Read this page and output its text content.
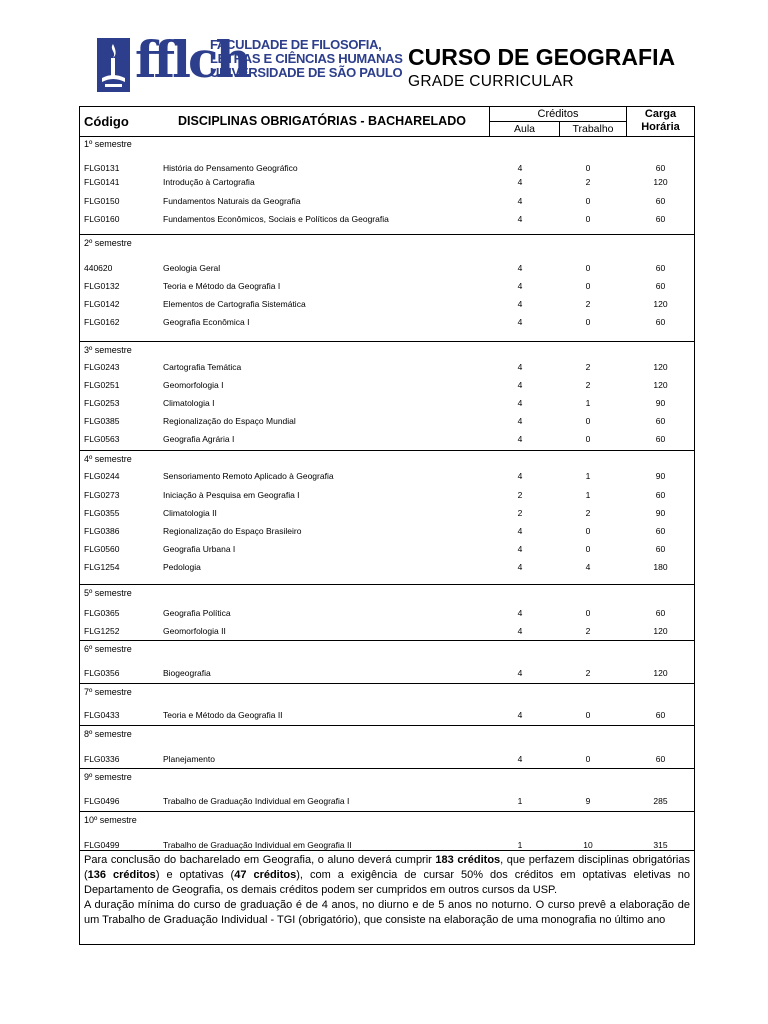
fflch
FACULDADE DE FILOSOFIA,
LETRAS E CIÊNCIAS HUMANAS
UNIVERSIDADE DE SÃO PAULO
CURSO DE GEOGRAFIA
GRADE CURRICULAR
Código	DISCIPLINAS OBRIGATÓRIAS - BACHARELADO	Créditos
Aula	Trabalho
Carga
Horária
1º semestre
FLG0131	História do Pensamento Geográfico	4	0	60
FLG0141	Introdução à Cartografia	4	2	120
FLG0150	Fundamentos Naturais da Geografia	4	0	60
FLG0160	Fundamentos Econômicos, Sociais e Políticos da Geografia	4	0	60
2º semestre
440620	Geologia Geral	4	0	60
FLG0132	Teoria e Método da Geografia I	4	0	60
FLG0142	Elementos de Cartografia Sistemática	4	2	120
FLG0162	Geografia Econômica I	4	0	60
3º semestre
FLG0243	Cartografia Temática	4	2	120
FLG0251	Geomorfologia I	4	2	120
FLG0253	Climatologia I	4	1	90
FLG0385	Regionalização do Espaço Mundial	4	0	60
FLG0563	Geografia Agrária I	4	0	60
4º semestre
FLG0244	Sensoriamento Remoto Aplicado à Geografia	4	1	90
FLG0273	Iniciação à Pesquisa em Geografia I	2	1	60
FLG0355	Climatologia II	2	2	90
FLG0386	Regionalização do Espaço Brasileiro	4	0	60
FLG0560	Geografia Urbana I	4	0	60
FLG1254	Pedologia	4	4	180
5º semestre
FLG0365	Geografia Política	4	0	60
FLG1252	Geomorfologia II	4	2	120
6º semestre
FLG0356	Biogeografia	4	2	120
7º semestre
FLG0433	Teoria e Método da Geografia II	4	0	60
8º semestre
FLG0336	Planejamento	4	0	60
9º semestre
FLG0496	Trabalho de Graduação Individual em Geografia I	1	9	285
10º semestre
FLG0499	Trabalho de Graduação Individual em Geografia II	1	10	315

Para conclusão do bacharelado em Geografia, o aluno deverá cumprir 183 créditos, que perfazem disciplinas obrigatórias (136 créditos) e optativas (47 créditos), com a exigência de cursar 50% dos créditos em optativas eletivas no Departamento de Geografia, os demais créditos podem ser cumpridos em outros cursos da USP.

A duração mínima do curso de graduação é de 4 anos, no diurno e de 5 anos no noturno. O curso prevê a elaboração de um Trabalho de Graduação Individual - TGI (obrigatório), que consiste na elaboração de uma monografia no último ano
